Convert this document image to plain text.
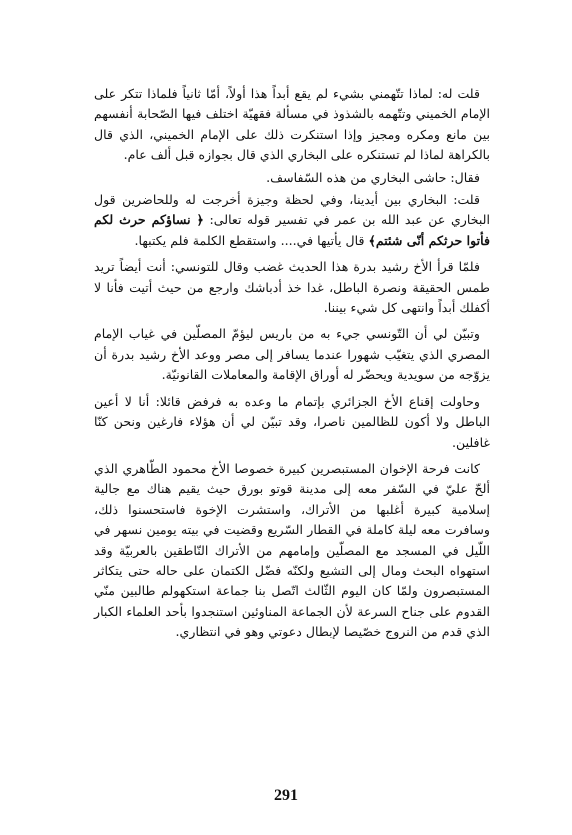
قلت له: لماذا تتّهمني بشيء لم يقع أبداً هذا أولاً، أمّا ثانياً فلماذا تتكر على الإمام الخميني وتتّهمه بالشذوذ في مسألة فقهيّة اختلف فيها الصّحابة أنفسهم بين مانع ومكره ومجيز وإذا استنكرت ذلك على الإمام الخميني، الذي قال بالكراهة لماذا لم تستنكره على البخاري الذي قال بجوازه قبل ألف عام.

فقال: حاشى البخاري من هذه السّفاسف.

قلت: البخاري بين أيدينا، وفي لحظة وجيزة أخرجت له وللحاضرين قول البخاري عن عبد الله بن عمر في تفسير قوله تعالى: ﴿ نساؤكم حرث لكم فأتوا حرثكم أنّى شئتم﴾ قال يأتيها في.... واستقطع الكلمة فلم يكتبها.

فلمّا قرأ الأخ رشيد بدرة هذا الحديث غضب وقال للتونسي: أنت أيضاً تريد طمس الحقيقة ونصرة الباطل، غدا خذ أدباشك وارجع من حيث أتيت فأنا لا أكفلك أبداً وانتهى كل شيء بيننا.

وتبيّن لي أن التّونسي جيء به من باريس ليؤمّ المصلّين في غياب الإمام المصري الذي يتغيّب شهورا عندما يسافر إلى مصر ووعد الأخ رشيد بدرة أن يزوّجه من سويدية ويحضّر له أوراق الإقامة والمعاملات القانونيّة.

وحاولت إقناع الأخ الجزائري بإتمام ما وعده به فرفض قائلا: أنا لا أعين الباطل ولا أكون للظالمين ناصرا، وقد تبيّن لي أن هؤلاء فارغين ونحن كنّا غافلين.

كانت فرحة الإخوان المستبصرين كبيرة خصوصا الأخ محمود الطّاهري الذي ألحّ عليّ في السّفر معه إلى مدينة قوتو بورق حيث يقيم هناك مع جالية إسلامية كبيرة أغلبها من الأتراك، واستشرت الإخوة فاستحسنوا ذلك، وسافرت معه ليلة كاملة في القطار السّريع وقضيت في بيته يومين نسهر في اللّيل في المسجد مع المصلّين وإمامهم من الأتراك النّاطقين بالعربيّة وقد استهواه البحث ومال إلى التشيع ولكنّه فضّل الكتمان على حاله حتى يتكاثر المستبصرون ولمّا كان اليوم الثّالث اتّصل بنا جماعة استكهولم طالبين منّي القدوم على جناح السرعة لأن الجماعة المناوئين استنجدوا بأحد العلماء الكبار الذي قدم من النروج خصّيصا لإبطال دعوتي وهو في انتظاري.

291
